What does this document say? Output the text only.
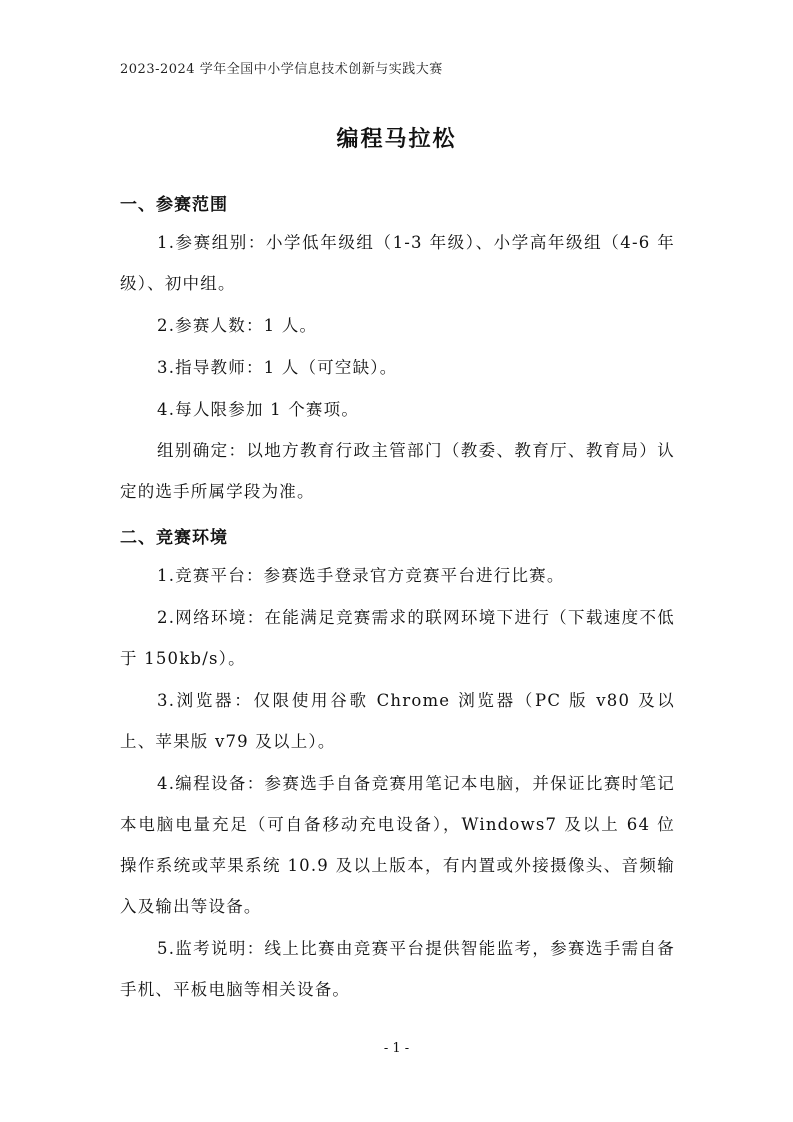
2023-2024 学年全国中小学信息技术创新与实践大赛
编程马拉松
一、参赛范围

1.参赛组别：小学低年级组（1-3 年级）、小学高年级组（4-6 年级）、初中组。

2.参赛人数：1 人。

3.指导教师：1 人（可空缺）。

4.每人限参加 1 个赛项。

组别确定：以地方教育行政主管部门（教委、教育厅、教育局）认定的选手所属学段为准。

二、竞赛环境

1.竞赛平台：参赛选手登录官方竞赛平台进行比赛。

2.网络环境：在能满足竞赛需求的联网环境下进行（下载速度不低于 150kb/s）。

3.浏览器：仅限使用谷歌 Chrome 浏览器（PC 版 v80 及以上、苹果版 v79 及以上）。

4.编程设备：参赛选手自备竞赛用笔记本电脑，并保证比赛时笔记本电脑电量充足（可自备移动充电设备），Windows7 及以上 64 位操作系统或苹果系统 10.9 及以上版本，有内置或外接摄像头、音频输入及输出等设备。

5.监考说明：线上比赛由竞赛平台提供智能监考，参赛选手需自备手机、平板电脑等相关设备。

- 1 -
